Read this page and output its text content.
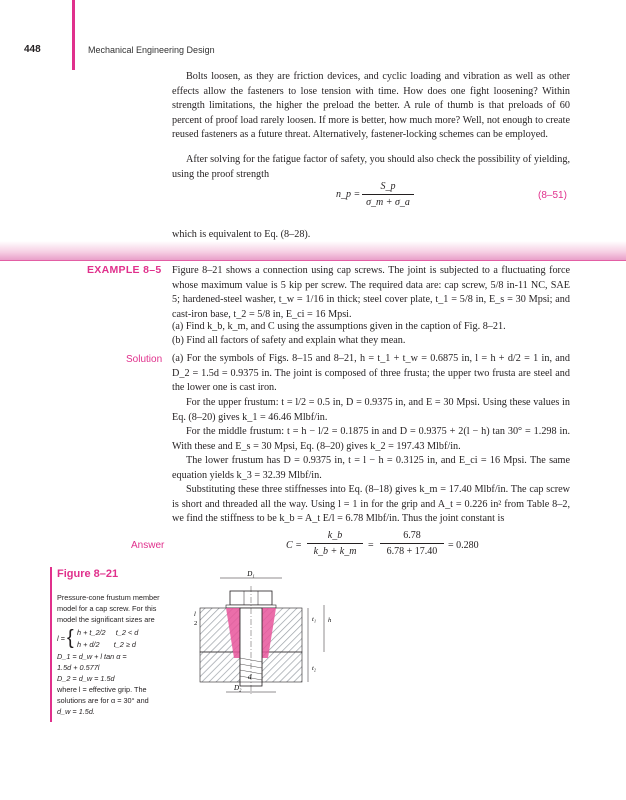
448	Mechanical Engineering Design

Bolts loosen, as they are friction devices, and cyclic loading and vibration as well as other effects allow the fasteners to lose tension with time. How does one fight loosening? Within strength limitations, the higher the preload the better. A rule of thumb is that preloads of 60 percent of proof load rarely loosen. If more is better, how much more? Well, not enough to create reused fasteners as a future threat. Alternatively, fastener-locking schemes can be employed.

After solving for the fatigue factor of safety, you should also check the possibility of yielding, using the proof strength

n_p =
S_p
σ_m + σ_a
(8–51)

which is equivalent to Eq. (8–28).

EXAMPLE 8–5 Figure 8–21 shows a connection using cap screws. The joint is subjected to a fluctuating force whose maximum value is 5 kip per screw. The required data are: cap screw, 5/8 in-11 NC, SAE 5; hardened-steel washer, t_w = 1/16 in thick; steel cover plate, t_1 = 5/8 in, E_s = 30 Mpsi; and cast-iron base, t_2 = 5/8 in, E_ci = 16 Mpsi.

(a) Find k_b, k_m, and C using the assumptions given in the caption of Fig. 8–21.

(b) Find all factors of safety and explain what they mean.

Solution (a) For the symbols of Figs. 8–15 and 8–21, h = t_1 + t_w = 0.6875 in, l = h + d/2 = 1 in, and D_2 = 1.5d = 0.9375 in. The joint is composed of three frusta; the upper two frusta are steel and the lower one is cast iron.

For the upper frustum: t = l/2 = 0.5 in, D = 0.9375 in, and E = 30 Mpsi. Using these values in Eq. (8–20) gives k_1 = 46.46 Mlbf/in.

For the middle frustum: t = h − l/2 = 0.1875 in and D = 0.9375 + 2(l − h) tan 30° = 1.298 in. With these and E_s = 30 Mpsi, Eq. (8–20) gives k_2 = 197.43 Mlbf/in.

The lower frustum has D = 0.9375 in, t = l − h = 0.3125 in, and E_ci = 16 Mpsi. The same equation yields k_3 = 32.39 Mlbf/in.

Substituting these three stiffnesses into Eq. (8–18) gives k_m = 17.40 Mlbf/in. The cap screw is short and threaded all the way. Using l = 1 in for the grip and A_t = 0.226 in² from Table 8–2, we find the stiffness to be k_b = A_t E/l = 6.78 Mlbf/in. Thus the joint constant is

Answer	C =
k_b
k_b + k_m
=
6.78
6.78 + 17.40
= 0.280
Figure 8–21
Pressure-cone frustum member model for a cap screw. For this model the significant sizes are
l = { h + t_2/2     t_2 < d
h + d/2       t_2 ≥ d
D_1 = d_w + l tan α =
1.5d + 0.577l
D_2 = d_w = 1.5d
where l = effective grip. The solutions are for α = 30° and
d_w = 1.5d.
D₁
l
2
t₁ h
t₂
d
D₂
